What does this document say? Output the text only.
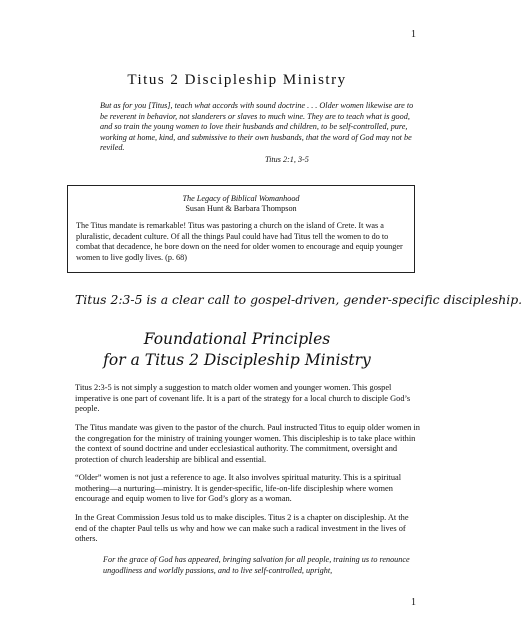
1
Titus 2 Discipleship Ministry
But as for you [Titus], teach what accords with sound doctrine . . . Older women likewise are to be reverent in behavior, not slanderers or slaves to much wine. They are to teach what is good, and so train the young women to love their husbands and children, to be self-controlled, pure, working at home, kind, and submissive to their own husbands, that the word of God may not be reviled.
Titus 2:1, 3-5
The Legacy of Biblical Womanhood
Susan Hunt & Barbara Thompson
The Titus mandate is remarkable! Titus was pastoring a church on the island of Crete. It was a pluralistic, decadent culture. Of all the things Paul could have had Titus tell the women to do to combat that decadence, he bore down on the need for older women to encourage and equip younger women to live godly lives. (p. 68)
Titus 2:3-5 is a clear call to gospel-driven, gender-specific discipleship.
Foundational Principles
for a Titus 2 Discipleship Ministry
Titus 2:3-5 is not simply a suggestion to match older women and younger women. This gospel imperative is one part of covenant life. It is a part of the strategy for a local church to disciple God’s people.
The Titus mandate was given to the pastor of the church. Paul instructed Titus to equip older women in the congregation for the ministry of training younger women. This discipleship is to take place within the context of sound doctrine and under ecclesiastical authority. The commitment, oversight and protection of church leadership are biblical and essential.
“Older” women is not just a reference to age. It also involves spiritual maturity. This is a spiritual mothering—a nurturing—ministry. It is gender-specific, life-on-life discipleship where women encourage and equip women to live for God’s glory as a woman.
In the Great Commission Jesus told us to make disciples. Titus 2 is a chapter on discipleship. At the end of the chapter Paul tells us why and how we can make such a radical investment in the lives of others.
For the grace of God has appeared, bringing salvation for all people, training us to renounce ungodliness and worldly passions, and to live self-controlled, upright,
1
